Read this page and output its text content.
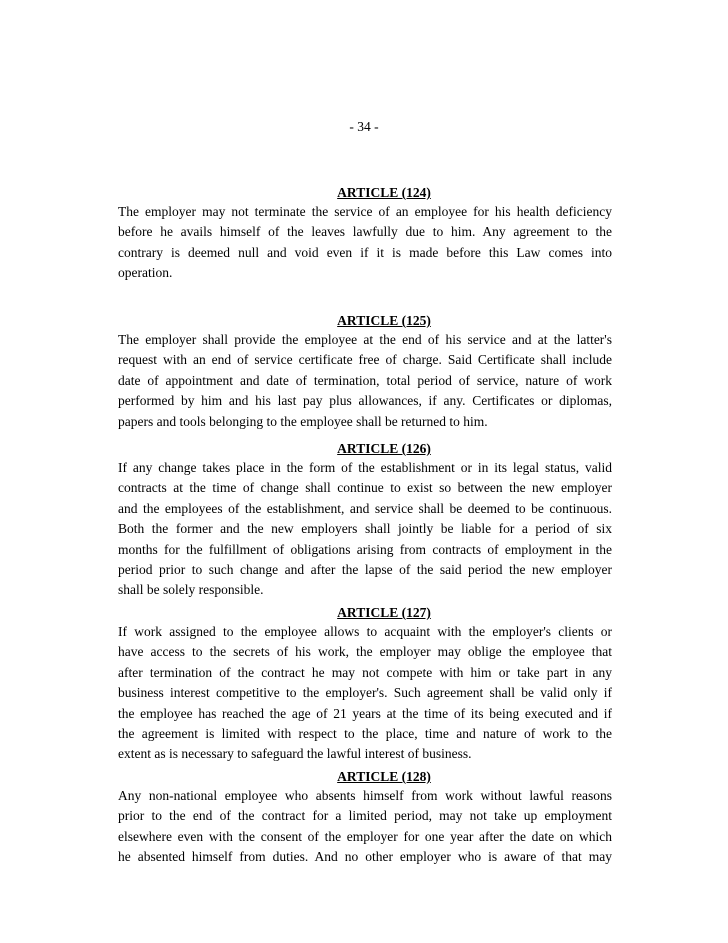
- 34 -
ARTICLE (124)
The employer may not terminate the service of an employee for his health deficiency
before he avails himself of the leaves lawfully due to him. Any agreement to the
contrary is deemed null and void even if it is made before this Law comes into
operation.
ARTICLE (125)
The employer shall provide the employee at the end of his service and at the latter's
request with an end of service certificate free of charge. Said Certificate shall include
date of appointment and date of termination, total period of service, nature of work
performed by him and his last pay plus allowances, if any. Certificates or diplomas,
papers and tools belonging to the employee shall be returned to him.
ARTICLE (126)
If any change takes place in the form of the establishment or in its legal status, valid
contracts at the time of change shall continue to exist so between the new employer
and the employees of the establishment, and service shall be deemed to be continuous.
Both the former and the new employers shall jointly be liable for a period of six
months for the fulfillment of obligations arising from contracts of employment in the
period prior to such change and after the lapse of the said period the new employer
shall be solely responsible.
ARTICLE (127)
If work assigned to the employee allows to acquaint with the employer's clients or
have access to the secrets of his work, the employer may oblige the employee that
after termination of the contract he may not compete with him or take part in any
business interest competitive to the employer's. Such agreement shall be valid only if
the employee has reached the age of 21 years at the time of its being executed and if
the agreement is limited with respect to the place, time and nature of work to the
extent as is necessary to safeguard the lawful interest of business.
ARTICLE (128)
Any non-national employee who absents himself from work without lawful reasons
prior to the end of the contract for a limited period, may not take up employment
elsewhere even with the consent of the employer for one year after the date on which
he absented himself from duties. And no other employer who is aware of that may
